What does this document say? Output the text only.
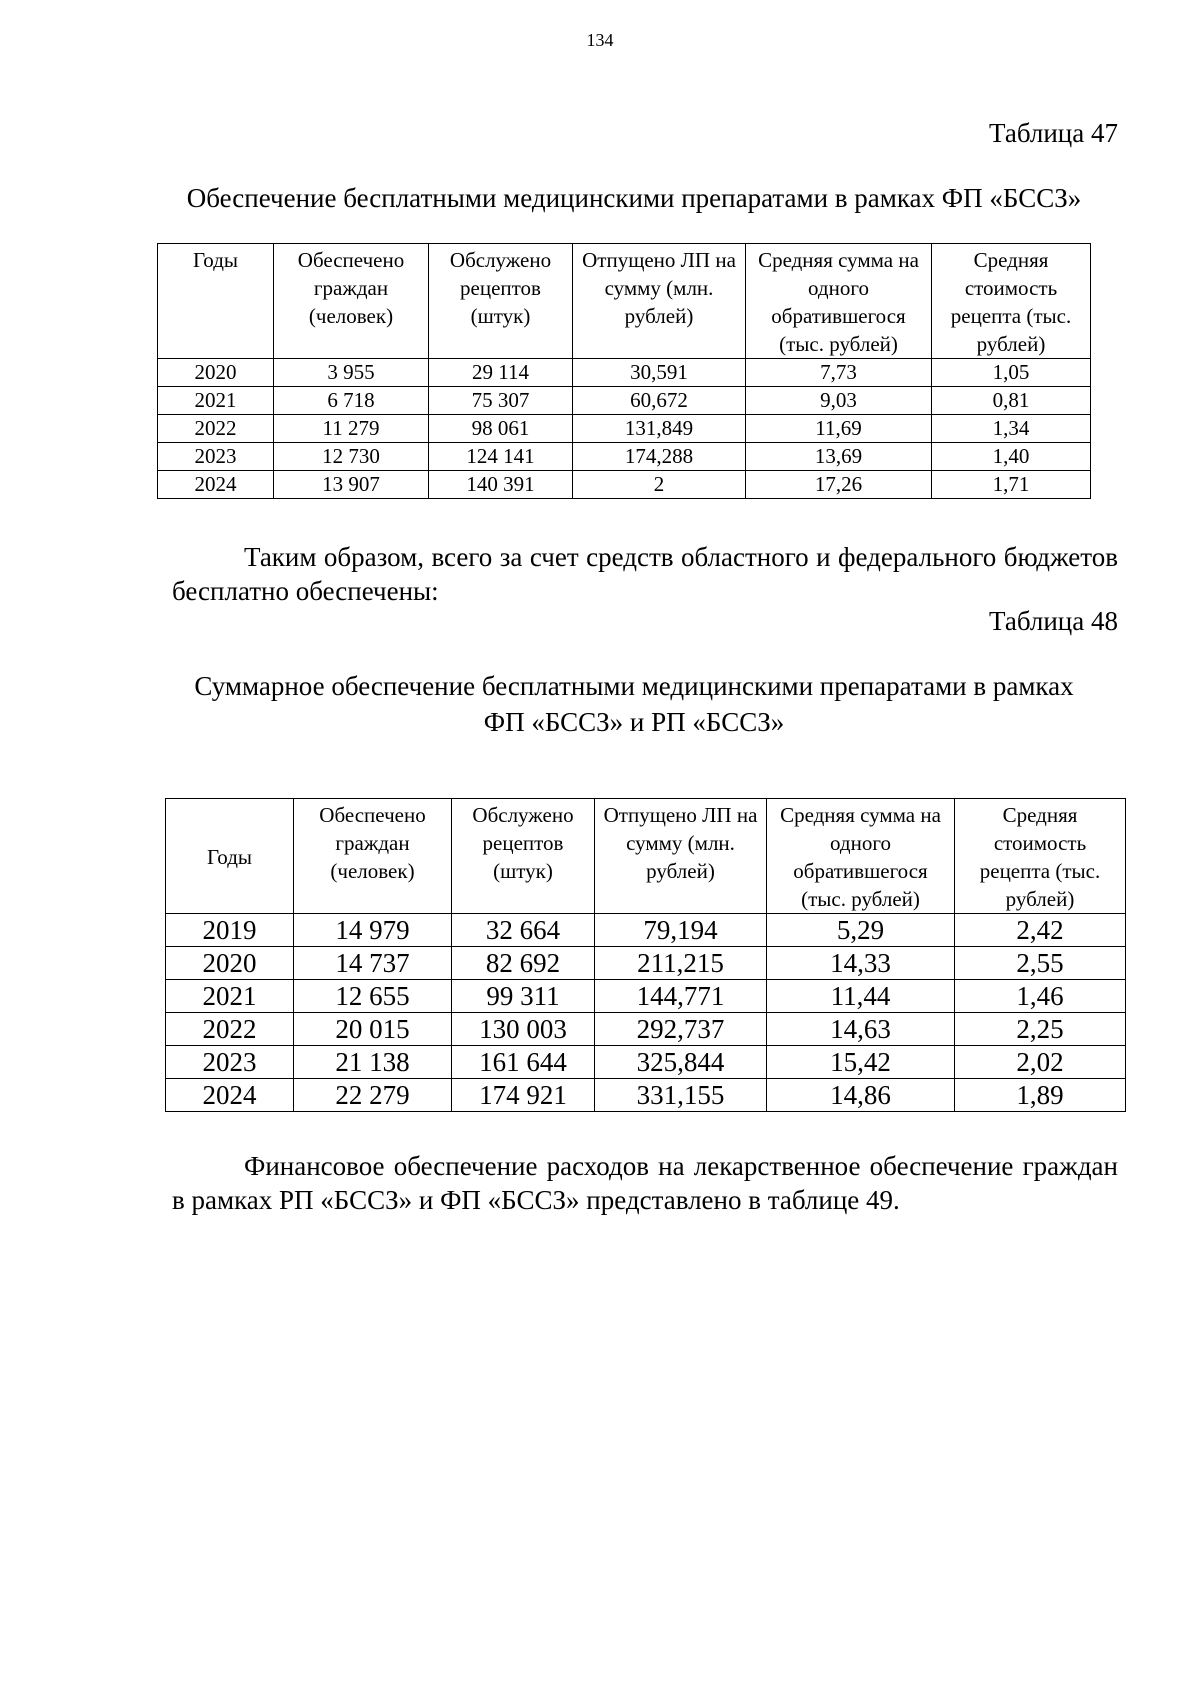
134
Таблица 47
Обеспечение бесплатными медицинскими препаратами в рамках ФП «БССЗ»
Годы	Обеспечено граждан (человек)	Обслужено рецептов (штук)	Отпущено ЛП на сумму (млн. рублей)	Средняя сумма на одного обратившегося (тыс. рублей)	Средняя стоимость рецепта (тыс. рублей)
2020	3 955	29 114	30,591	7,73	1,05
2021	6 718	75 307	60,672	9,03	0,81
2022	11 279	98 061	131,849	11,69	1,34
2023	12 730	124 141	174,288	13,69	1,40
2024	13 907	140 391	2	17,26	1,71
Таким образом, всего за счет средств областного и федерального бюджетов бесплатно обеспечены:
Таблица 48
Суммарное обеспечение бесплатными медицинскими препаратами в рамках
ФП «БССЗ» и РП «БССЗ»
Годы	Обеспечено граждан (человек)	Обслужено рецептов (штук)	Отпущено ЛП на сумму (млн. рублей)	Средняя сумма на одного обратившегося (тыс. рублей)	Средняя стоимость рецепта (тыс. рублей)
2019	14 979	32 664	79,194	5,29	2,42
2020	14 737	82 692	211,215	14,33	2,55
2021	12 655	99 311	144,771	11,44	1,46
2022	20 015	130 003	292,737	14,63	2,25
2023	21 138	161 644	325,844	15,42	2,02
2024	22 279	174 921	331,155	14,86	1,89
Финансовое обеспечение расходов на лекарственное обеспечение граждан в рамках РП «БССЗ» и ФП «БССЗ» представлено в таблице 49.
